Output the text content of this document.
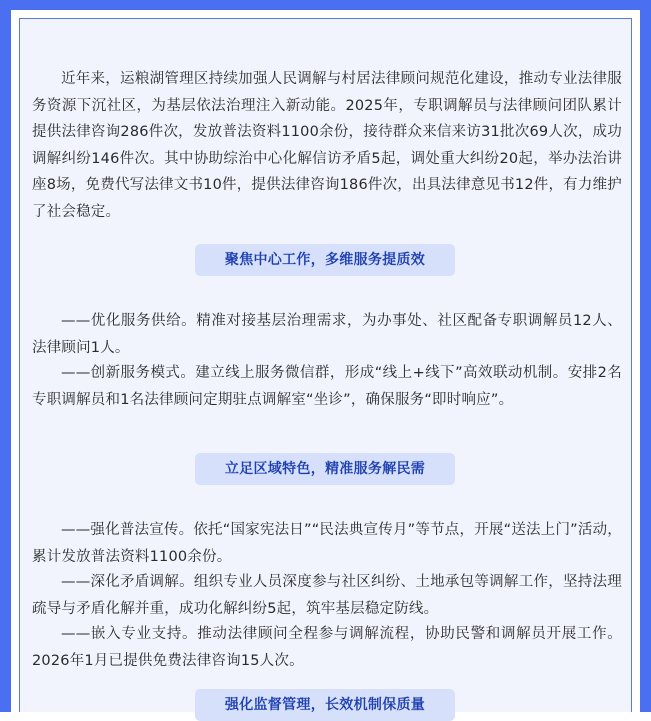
近年来，运粮湖管理区持续加强人民调解与村居法律顾问规范化建设，推动专业法律服务资源下沉社区，为基层依法治理注入新动能。2025年，专职调解员与法律顾问团队累计提供法律咨询286件次，发放普法资料1100余份，接待群众来信来访31批次69人次，成功调解纠纷146件次。其中协助综治中心化解信访矛盾5起，调处重大纠纷20起，举办法治讲座8场，免费代写法律文书10件，提供法律咨询186件次，出具法律意见书12件，有力维护了社会稳定。

聚焦中心工作，多维服务提质效

——优化服务供给。精准对接基层治理需求，为办事处、社区配备专职调解员12人、法律顾问1人。

——创新服务模式。建立线上服务微信群，形成“线上+线下”高效联动机制。安排2名专职调解员和1名法律顾问定期驻点调解室“坐诊”，确保服务“即时响应”。

立足区域特色，精准服务解民需

——强化普法宣传。依托“国家宪法日”“民法典宣传月”等节点，开展“送法上门”活动，累计发放普法资料1100余份。

——深化矛盾调解。组织专业人员深度参与社区纠纷、土地承包等调解工作，坚持法理疏导与矛盾化解并重，成功化解纠纷5起，筑牢基层稳定防线。

——嵌入专业支持。推动法律顾问全程参与调解流程，协助民警和调解员开展工作。2026年1月已提供免费法律咨询15人次。

强化监督管理，长效机制保质量
